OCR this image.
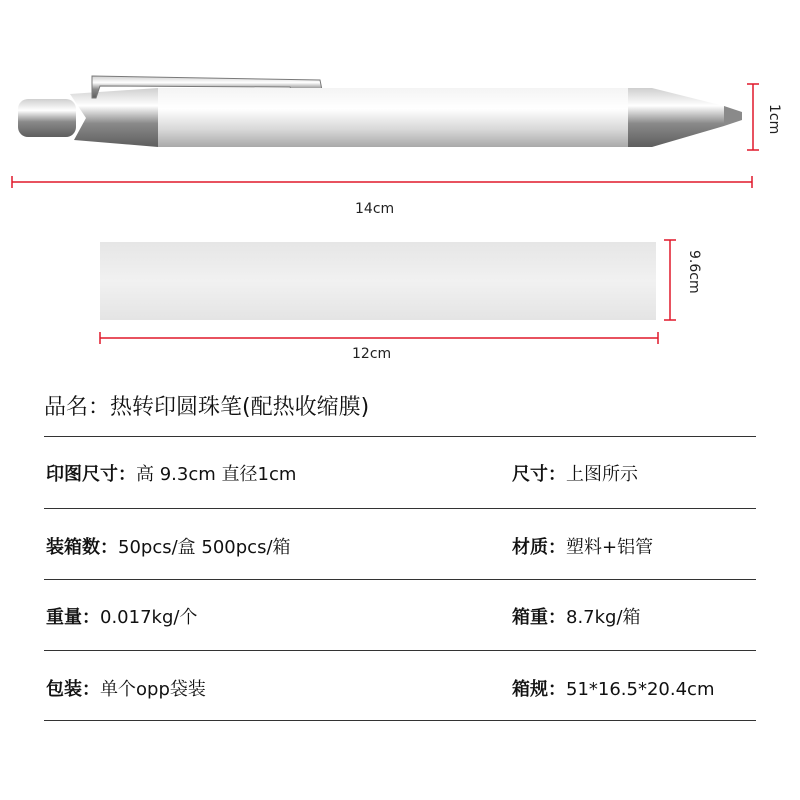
1cm
14cm
9.6cm
12cm
品名：热转印圆珠笔(配热收缩膜)
印图尺寸：高 9.3cm 直径1cm	尺寸：上图所示
装箱数：50pcs/盒 500pcs/箱	材质：塑料+铝管
重量：0.017kg/个	箱重：8.7kg/箱
包装：单个opp袋装	箱规：51*16.5*20.4cm
